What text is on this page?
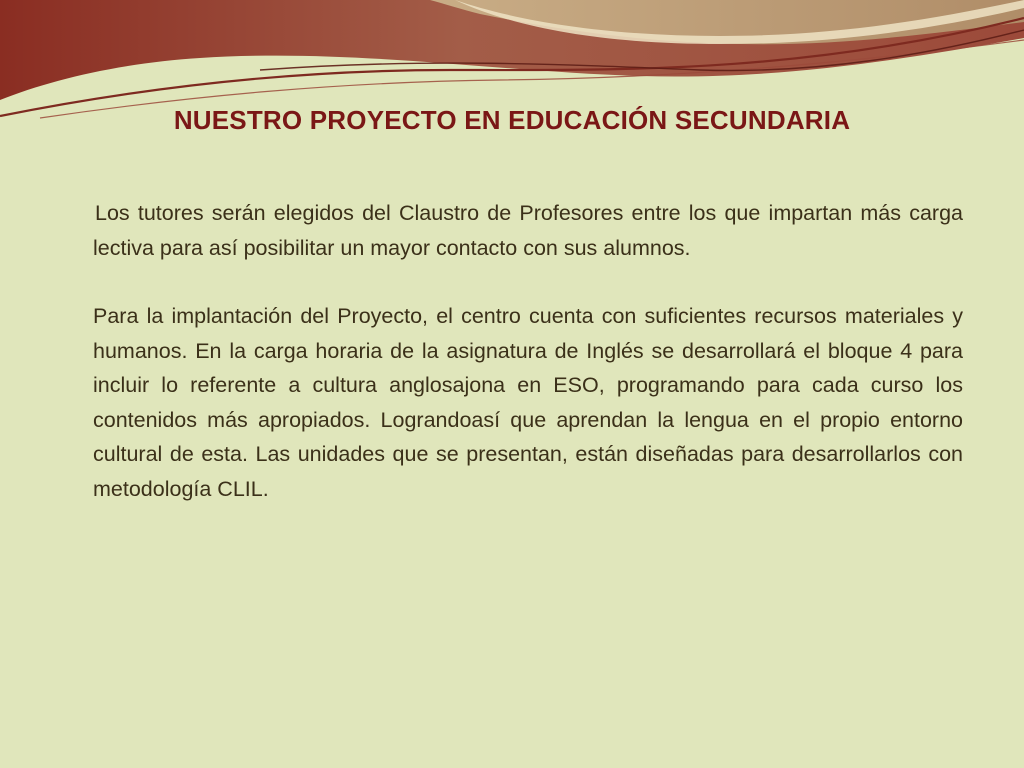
NUESTRO PROYECTO EN EDUCACIÓN SECUNDARIA

Los tutores serán elegidos del Claustro de Profesores entre los que impartan más carga lectiva para así posibilitar un mayor contacto con sus alumnos.

Para la implantación del Proyecto, el centro cuenta con suficientes recursos materiales y humanos. En la carga horaria de la asignatura de Inglés se desarrollará el bloque 4 para incluir lo referente a cultura anglosajona en ESO, programando para cada curso los contenidos más apropiados. Lograndoasí que aprendan la lengua en el propio entorno cultural de esta. Las unidades que se presentan, están diseñadas para desarrollarlos con metodología CLIL.
